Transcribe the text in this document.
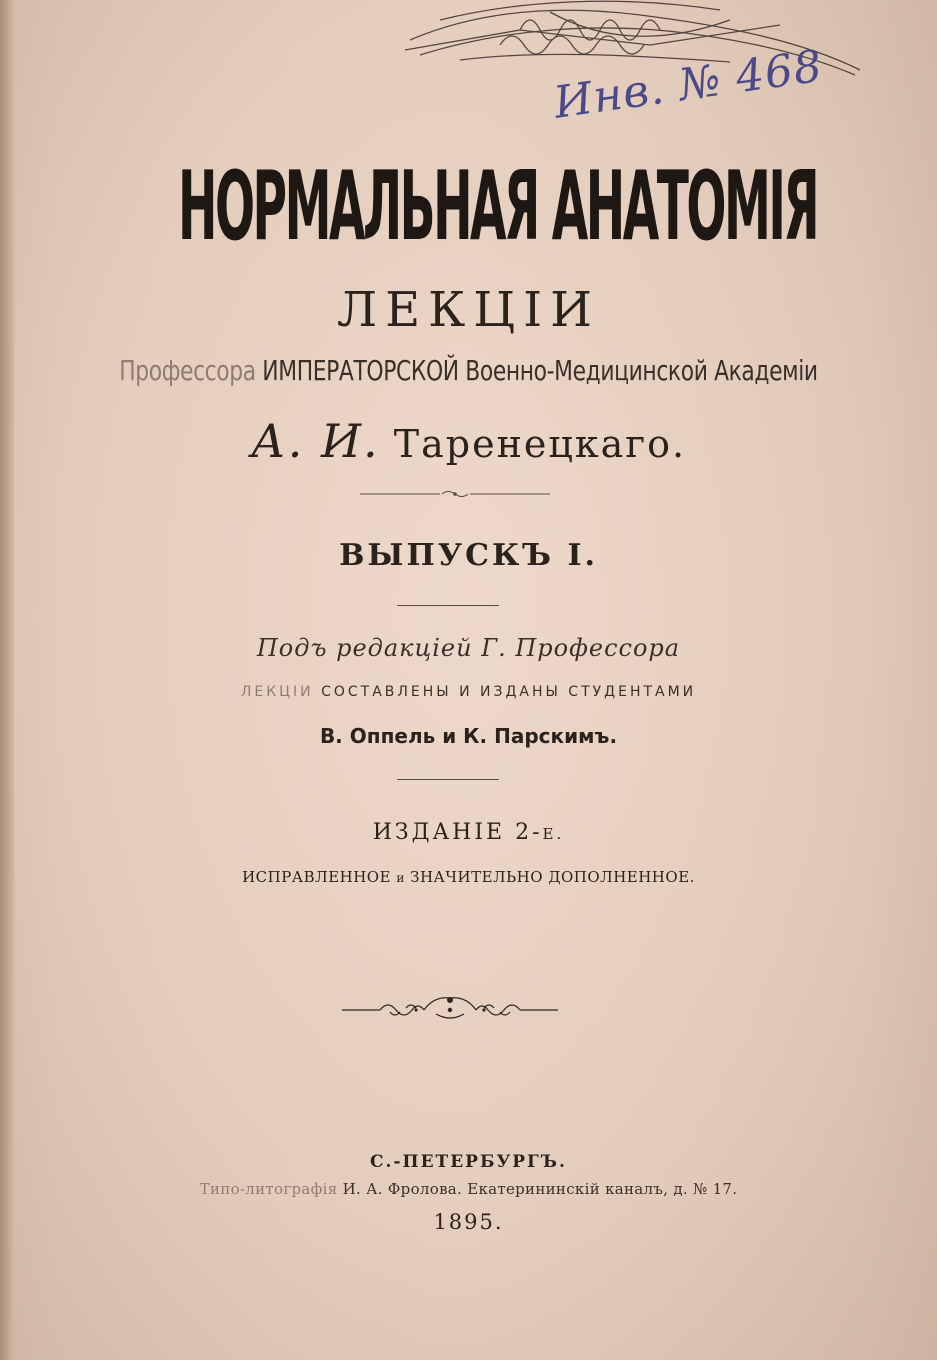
Инв. № 468
НОРМАЛЬНАЯ АНАТОМІЯ
ЛЕКЦІИ
Профессора ИМПЕРАТОРСКОЙ Военно-Медицинской Академіи
А. И. Таренецкаго.
ВЫПУСКЪ I.
Подъ редакціей Г. Профессора
ЛЕКЦІИ СОСТАВЛЕНЫ И ИЗДАНЫ СТУДЕНТАМИ
В. Оппель и К. Парскимъ.
ИЗДАНІЕ 2-Е.
ИСПРАВЛЕННОЕ и ЗНАЧИТЕЛЬНО ДОПОЛНЕННОЕ.
С.-ПЕТЕРБУРГЪ.
Типо-литографія И. А. Фролова. Екатерининскій каналъ, д. № 17.
1895.
